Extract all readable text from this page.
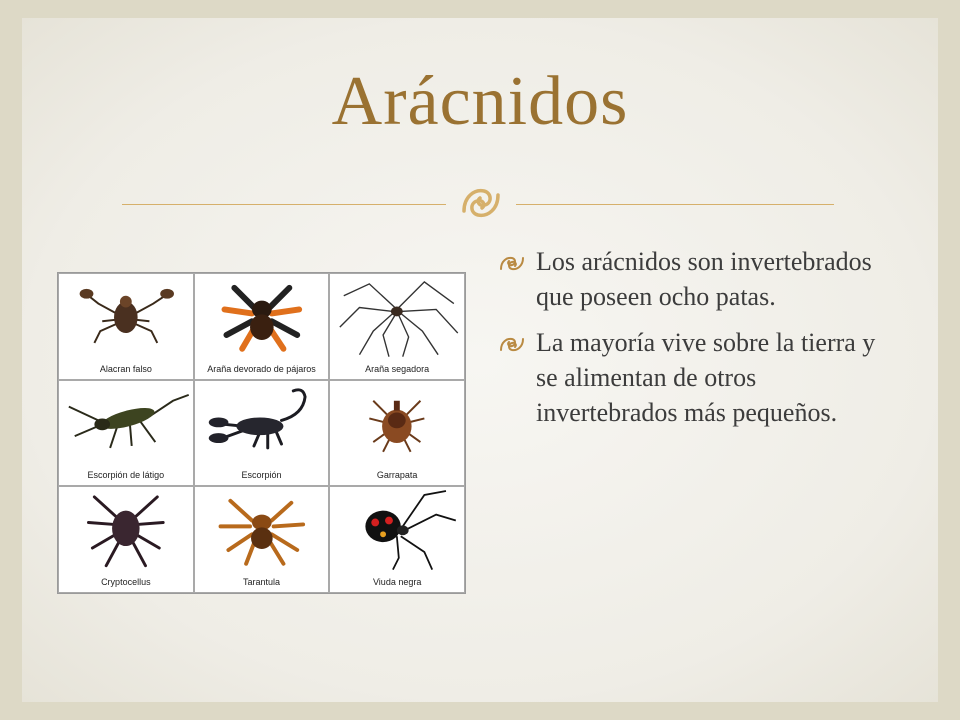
Arácnidos
Alacran falso	Araña devorado de pájaros	Araña segadora
Escorpión de látigo	Escorpión	Garrapata
Cryptocellus	Tarantula	Viuda negra
Los arácnidos son invertebrados que poseen ocho patas.
La mayoría vive sobre la tierra y se alimentan de otros invertebrados más pequeños.
